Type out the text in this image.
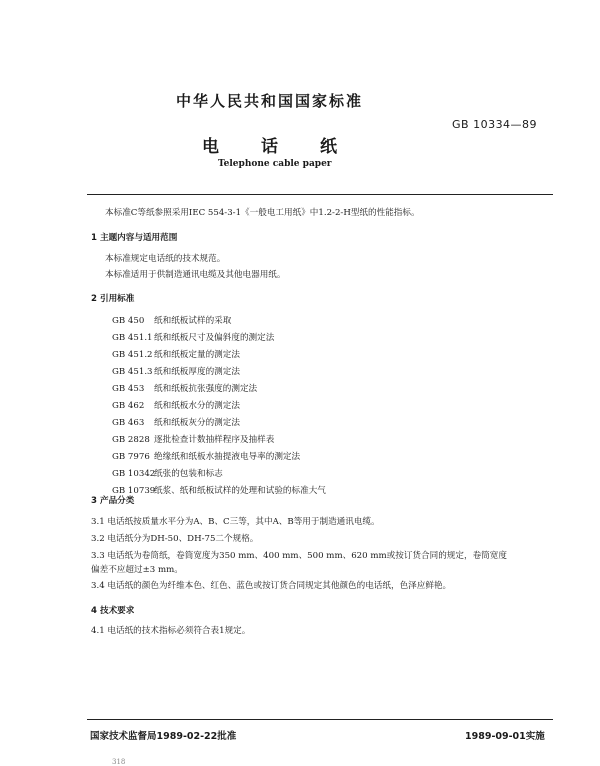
中华人民共和国国家标准
GB 10334—89
电话纸
Telephone cable paper
本标准C等纸参照采用IEC 554-3-1《一般电工用纸》中1.2-2-H型纸的性能指标。
1 主题内容与适用范围
本标准规定电话纸的技术规范。
本标准适用于供制造通讯电缆及其他电器用纸。
2 引用标准
GB 450 纸和纸板试样的采取
GB 451.1纸和纸板尺寸及偏斜度的测定法
GB 451.2纸和纸板定量的测定法
GB 451.3纸和纸板厚度的测定法
GB 453 纸和纸板抗张强度的测定法
GB 462 纸和纸板水分的测定法
GB 463 纸和纸板灰分的测定法
GB 2828 逐批检查计数抽样程序及抽样表
GB 7976 绝缘纸和纸板水抽提液电导率的测定法
GB 10342纸张的包装和标志
GB 10739纸浆、纸和纸板试样的处理和试验的标准大气
3 产品分类
3.1 电话纸按质量水平分为A、B、C三等，其中A、B等用于制造通讯电缆。
3.2 电话纸分为DH-50、DH-75二个规格。
3.3 电话纸为卷筒纸，卷筒宽度为350 mm、400 mm、500 mm、620 mm或按订货合同的规定，卷筒宽度
偏差不应超过±3 mm。
3.4 电话纸的颜色为纤维本色、红色、蓝色或按订货合同规定其他颜色的电话纸，色泽应鲜艳。
4 技术要求
4.1 电话纸的技术指标必须符合表1规定。
国家技术监督局1989-02-22批准	1989-09-01实施
318
